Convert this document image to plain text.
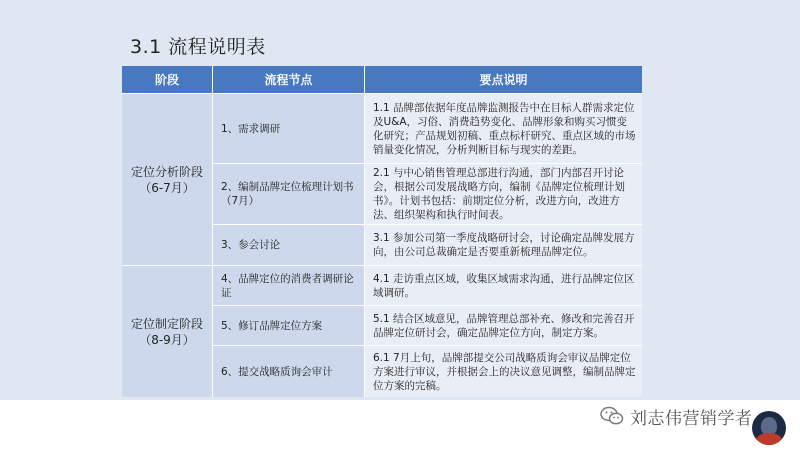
3.1 流程说明表
阶段	流程节点	要点说明

定位分析阶段
（6-7月）	1、需求调研	1.1 品牌部依据年度品牌监测报告中在目标人群需求定位及U&A，习俗、消费趋势变化、品牌形象和购买习惯变化研究；产品规划初稿、重点标杆研究、重点区域的市场销量变化情况，分析判断目标与现实的差距。
	2、编制品牌定位梳理计划书（7月）	2.1 与中心销售管理总部进行沟通，部门内部召开讨论会，根据公司发展战略方向，编制《品牌定位梳理计划书》。计划书包括：前期定位分析，改进方向，改进方法、组织架构和执行时间表。
	3、参会讨论	3.1 参加公司第一季度战略研讨会，讨论确定品牌发展方向，由公司总裁确定是否要重新梳理品牌定位。

定位制定阶段
（8-9月）	4、品牌定位的消费者调研论证	4.1 走访重点区域，收集区域需求沟通，进行品牌定位区域调研。
	5、修订品牌定位方案	5.1 结合区域意见，品牌管理总部补充、修改和完善召开品牌定位研讨会，确定品牌定位方向，制定方案。
	6、提交战略质询会审计	6.1 7月上旬，品牌部提交公司战略质询会审议品牌定位方案进行审议，并根据会上的决议意见调整，编制品牌定位方案的完稿。
刘志伟营销学者
